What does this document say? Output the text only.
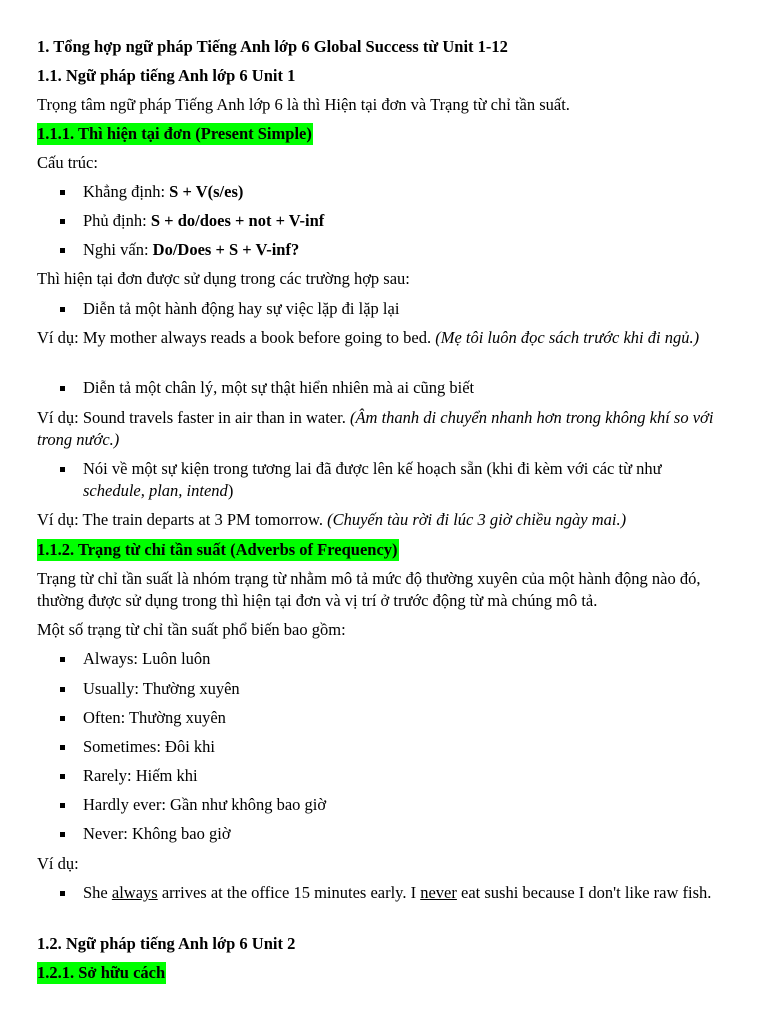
1. Tổng hợp ngữ pháp Tiếng Anh lớp 6 Global Success từ Unit 1-12
1.1. Ngữ pháp tiếng Anh lớp 6 Unit 1
Trọng tâm ngữ pháp Tiếng Anh lớp 6 là thì Hiện tại đơn và Trạng từ chỉ tần suất.
1.1.1. Thì hiện tại đơn (Present Simple)
Cấu trúc:
Khẳng định: S + V(s/es)
Phủ định: S + do/does + not + V-inf
Nghi vấn: Do/Does + S + V-inf?
Thì hiện tại đơn được sử dụng trong các trường hợp sau:
Diễn tả một hành động hay sự việc lặp đi lặp lại
Ví dụ: My mother always reads a book before going to bed. (Mẹ tôi luôn đọc sách trước khi đi ngủ.)
Diễn tả một chân lý, một sự thật hiển nhiên mà ai cũng biết
Ví dụ: Sound travels faster in air than in water. (Âm thanh di chuyển nhanh hơn trong không khí so với trong nước.)
Nói về một sự kiện trong tương lai đã được lên kế hoạch sẵn (khi đi kèm với các từ như schedule, plan, intend)
Ví dụ: The train departs at 3 PM tomorrow. (Chuyến tàu rời đi lúc 3 giờ chiều ngày mai.)
1.1.2. Trạng từ chỉ tần suất (Adverbs of Frequency)
Trạng từ chỉ tần suất là nhóm trạng từ nhằm mô tả mức độ thường xuyên của một hành động nào đó, thường được sử dụng trong thì hiện tại đơn và vị trí ở trước động từ mà chúng mô tả.
Một số trạng từ chỉ tần suất phổ biến bao gồm:
Always: Luôn luôn
Usually: Thường xuyên
Often: Thường xuyên
Sometimes: Đôi khi
Rarely: Hiếm khi
Hardly ever: Gần như không bao giờ
Never: Không bao giờ
Ví dụ:
She always arrives at the office 15 minutes early. I never eat sushi because I don't like raw fish.
1.2. Ngữ pháp tiếng Anh lớp 6 Unit 2
1.2.1. Sở hữu cách
